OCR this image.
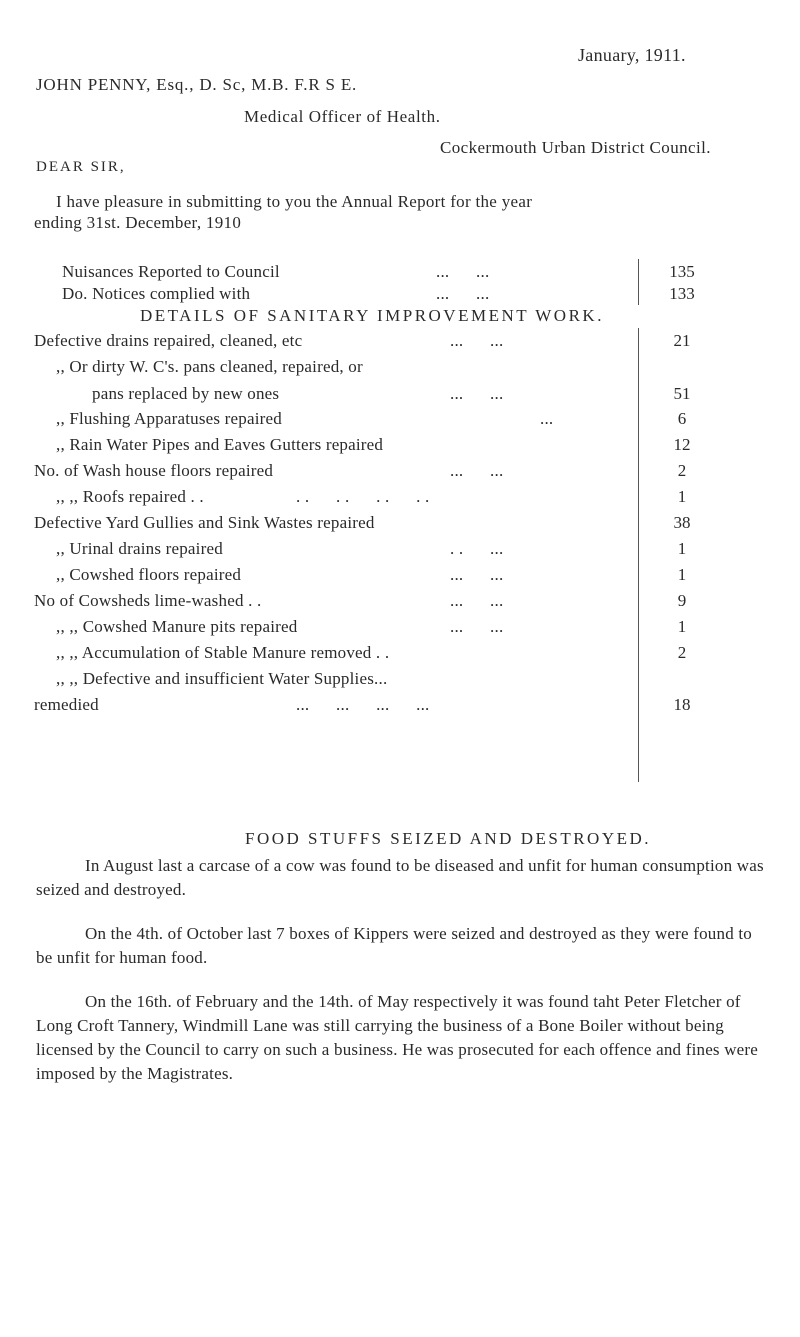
January, 1911.
JOHN PENNY, Esq., D. Sc, M.B. F.R S E.
Medical Officer of Health.
Cockermouth Urban District Council.
DEAR SIR,
I have pleasure in submitting to you the Annual Report for the year
ending 31st. December, 1910
Nuisances Reported to Council	...      ...	135
Do. Notices complied with	...      ...	133
DETAILS OF SANITARY IMPROVEMENT WORK.
Defective drains repaired, cleaned, etc	...      ...	21
,, Or dirty W. C's. pans cleaned, repaired, or
pans replaced by new ones	...      ...	51
,, Flushing Apparatuses repaired	...	6
,, Rain Water Pipes and Eaves Gutters repaired	12
No. of Wash house floors repaired	...      ...	2
,, ,, Roofs repaired . .	. .      . .      . .      . .	1
Defective Yard Gullies and Sink Wastes repaired	38
,, Urinal drains repaired	. .      ...	1
,, Cowshed floors repaired	...      ...	1
No of Cowsheds lime-washed . .	...      ...	9
,, ,, Cowshed Manure pits repaired	...      ...	1
,, ,, Accumulation of Stable Manure removed . .	2
,, ,, Defective and insufficient Water Supplies...
remedied	...      ...      ...      ...	18
FOOD STUFFS SEIZED AND DESTROYED.

In August last a carcase of a cow was found to be diseased and unfit for human consumption was seized and destroyed.

On the 4th. of October last 7 boxes of Kippers were seized and destroyed as they were found to be unfit for human food.

On the 16th. of February and the 14th. of May respectively it was found taht Peter Fletcher of Long Croft Tannery, Windmill Lane was still carrying the business of a Bone Boiler without being licensed by the Council to carry on such a business. He was prosecuted for each offence and fines were imposed by the Magistrates.
